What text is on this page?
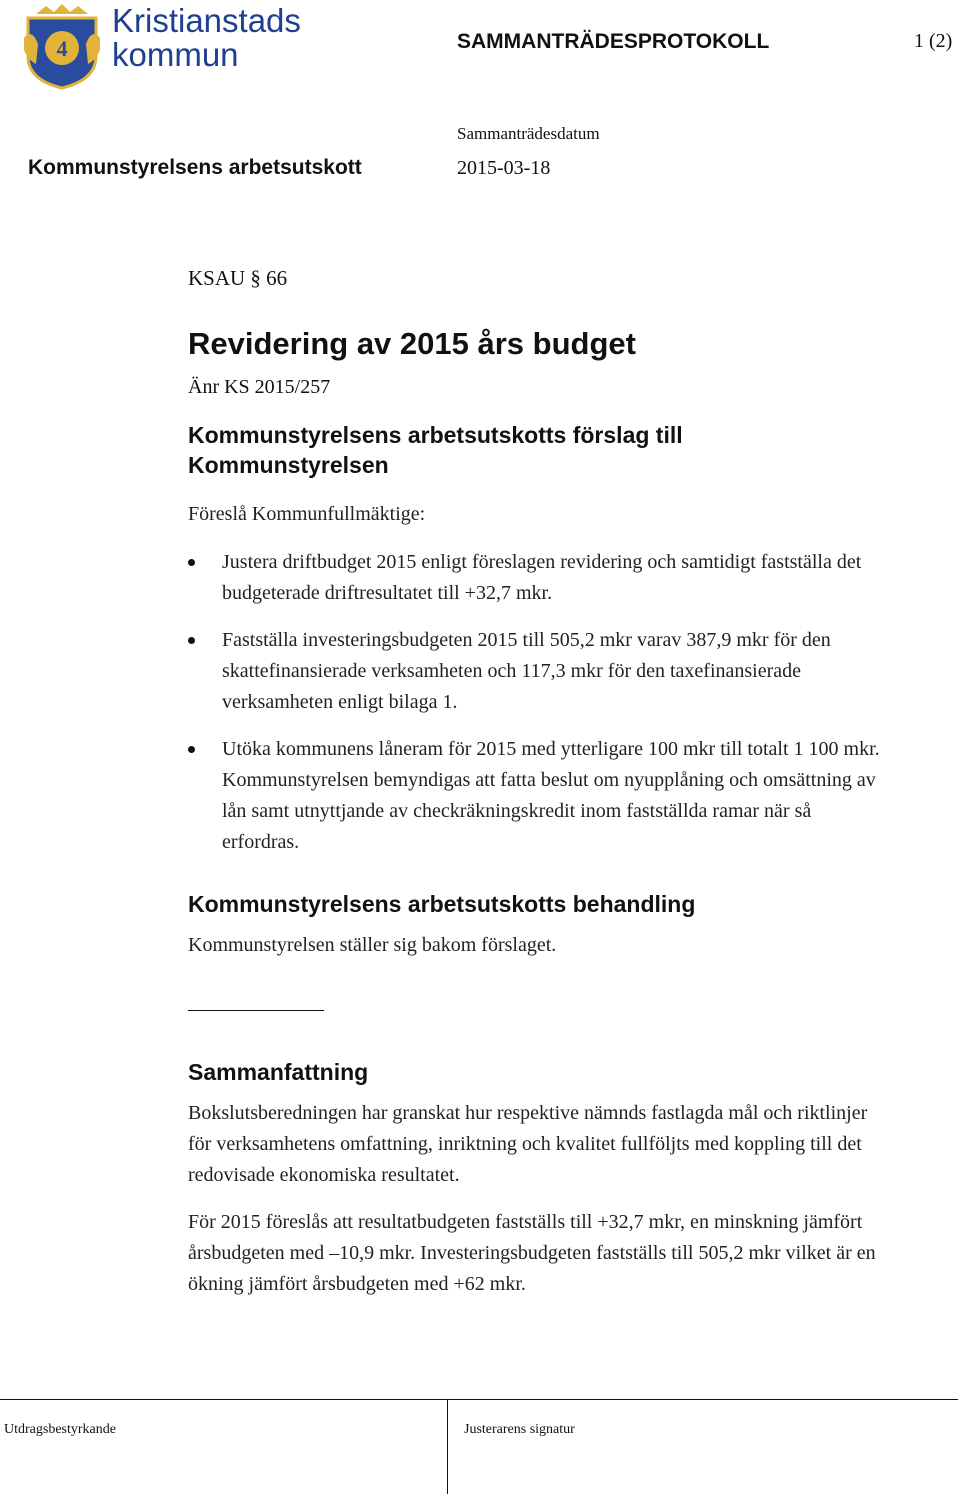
4
Kristianstads
kommun	SAMMANTRÄDESPROTOKOLL	1 (2)
Sammanträdesdatum
Kommunstyrelsens arbetsutskott	2015-03-18
KSAU § 66
Revidering av 2015 års budget
Änr KS 2015/257
Kommunstyrelsens arbetsutskotts förslag till
Kommunstyrelsen
Föreslå Kommunfullmäktige:
Justera driftbudget 2015 enligt föreslagen revidering och samtidigt fastställa det budgeterade driftresultatet till +32,7 mkr.
Fastställa investeringsbudgeten 2015 till 505,2 mkr varav 387,9 mkr för den skattefinansierade verksamheten och 117,3 mkr för den taxefinansierade verksamheten enligt bilaga 1.
Utöka kommunens låneram för 2015 med ytterligare 100 mkr till totalt 1 100 mkr. Kommunstyrelsen bemyndigas att fatta beslut om nyupplåning och omsättning av lån samt utnyttjande av checkräkningskredit inom fastställda ramar när så erfordras.
Kommunstyrelsens arbetsutskotts behandling
Kommunstyrelsen ställer sig bakom förslaget.
Sammanfattning

Bokslutsberedningen har granskat hur respektive nämnds fastlagda mål och riktlinjer för verksamhetens omfattning, inriktning och kvalitet fullföljts med koppling till det redovisade ekonomiska resultatet.

För 2015 föreslås att resultatbudgeten fastställs till +32,7 mkr, en minskning jämfört årsbudgeten med –10,9 mkr. Investeringsbudgeten fastställs till 505,2 mkr vilket är en ökning jämfört årsbudgeten med +62 mkr.

Utdragsbestyrkande	Justerarens signatur
